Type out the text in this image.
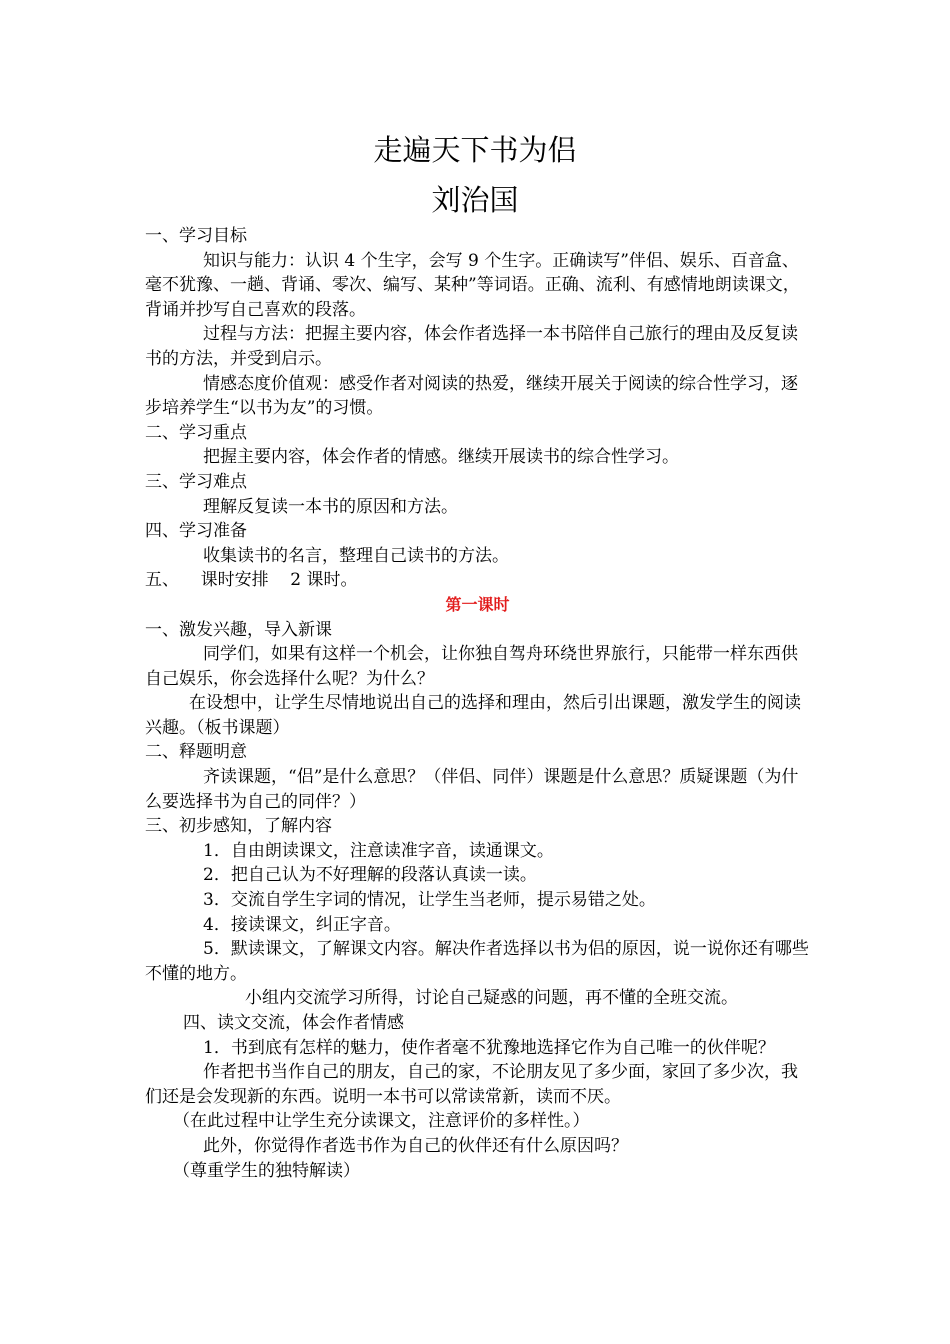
走遍天下书为侣
刘治国

一、学习目标

知识与能力：认识 4 个生字，会写 9 个生字。正确读写”伴侣、娱乐、百音盒、毫不犹豫、一趟、背诵、零次、编写、某种”等词语。正确、流利、有感情地朗读课文，背诵并抄写自己喜欢的段落。

过程与方法：把握主要内容，体会作者选择一本书陪伴自己旅行的理由及反复读书的方法，并受到启示。

情感态度价值观：感受作者对阅读的热爱，继续开展关于阅读的综合性学习，逐步培养学生“以书为友”的习惯。

二、学习重点

把握主要内容，体会作者的情感。继续开展读书的综合性学习。

三、学习难点

理解反复读一本书的原因和方法。

四、学习准备

收集读书的名言，整理自己读书的方法。

五、    课时安排    2 课时。

第一课时

一、激发兴趣，导入新课

同学们，如果有这样一个机会，让你独自驾舟环绕世界旅行，只能带一样东西供自己娱乐，你会选择什么呢？为什么？

在设想中，让学生尽情地说出自己的选择和理由，然后引出课题，激发学生的阅读兴趣。（板书课题）

二、释题明意

齐读课题，“侣”是什么意思？（伴侣、同伴）课题是什么意思？质疑课题（为什么要选择书为自己的同伴？）

三、初步感知，了解内容

1．自由朗读课文，注意读准字音，读通课文。

2．把自己认为不好理解的段落认真读一读。

3．交流自学生字词的情况，让学生当老师，提示易错之处。

4．接读课文，纠正字音。

5．默读课文，了解课文内容。解决作者选择以书为侣的原因，说一说你还有哪些不懂的地方。

小组内交流学习所得，讨论自己疑惑的问题，再不懂的全班交流。

四、读文交流，体会作者情感

1．书到底有怎样的魅力，使作者毫不犹豫地选择它作为自己唯一的伙伴呢？

作者把书当作自己的朋友，自己的家，不论朋友见了多少面，家回了多少次，我们还是会发现新的东西。说明一本书可以常读常新，读而不厌。

（在此过程中让学生充分读课文，注意评价的多样性。）

此外，你觉得作者选书作为自己的伙伴还有什么原因吗？

（尊重学生的独特解读）
